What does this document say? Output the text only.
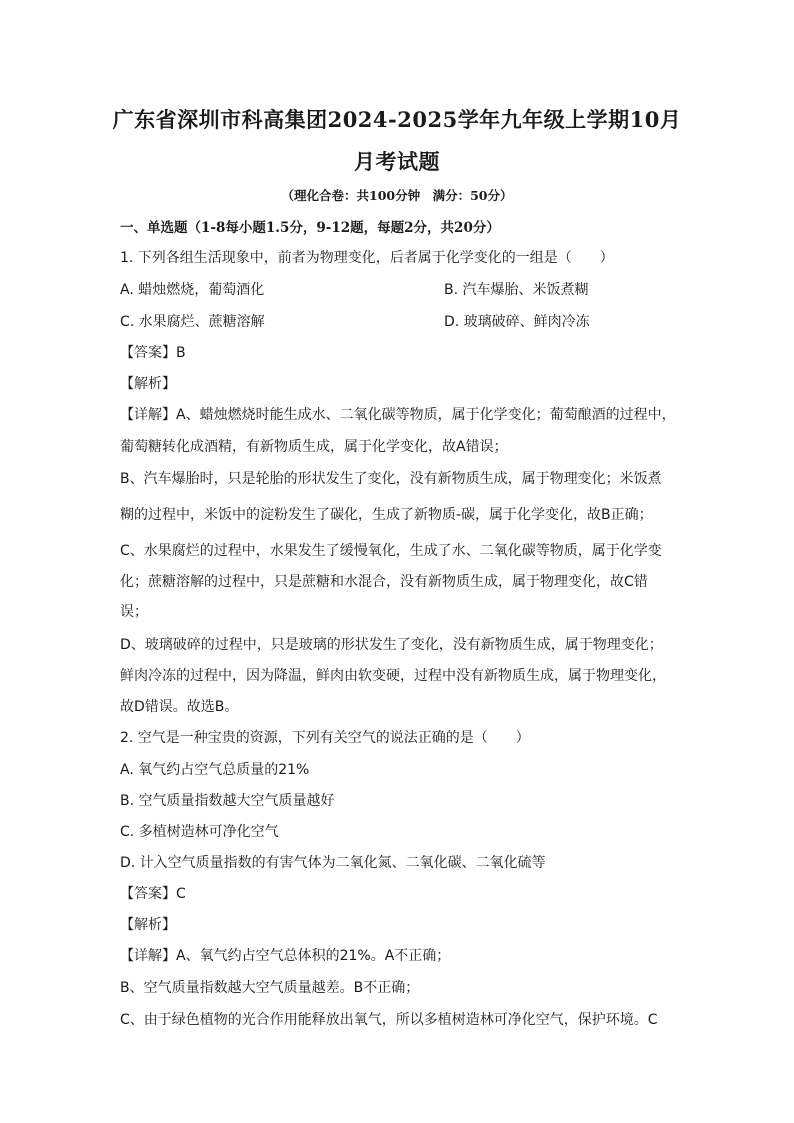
广东省深圳市科高集团2024-2025学年九年级上学期10月
月考试题
（理化合卷：共100分钟　满分：50分）
一、单选题（1-8每小题1.5分，9-12题，每题2分，共20分）
1. 下列各组生活现象中，前者为物理变化，后者属于化学变化的一组是（　　）
A. 蜡烛燃烧，葡萄酒化	B. 汽车爆胎、米饭煮糊
C. 水果腐烂、蔗糖溶解	D. 玻璃破碎、鲜肉冷冻
【答案】B
【解析】
【详解】A、蜡烛燃烧时能生成水、二氧化碳等物质，属于化学变化；葡萄酿酒的过程中，
葡萄糖转化成酒精，有新物质生成，属于化学变化，故A错误；
B、汽车爆胎时，只是轮胎的形状发生了变化，没有新物质生成，属于物理变化；米饭煮
糊的过程中，米饭中的淀粉发生了碳化，生成了新物质-碳，属于化学变化，故B正确；
C、水果腐烂的过程中，水果发生了缓慢氧化，生成了水、二氧化碳等物质，属于化学变
化；蔗糖溶解的过程中，只是蔗糖和水混合，没有新物质生成，属于物理变化，故C错
误；
D、玻璃破碎的过程中，只是玻璃的形状发生了变化，没有新物质生成，属于物理变化；
鲜肉冷冻的过程中，因为降温，鲜肉由软变硬，过程中没有新物质生成，属于物理变化，
故D错误。故选B。
2. 空气是一种宝贵的资源，下列有关空气的说法正确的是（　　）
A. 氧气约占空气总质量的21%
B. 空气质量指数越大空气质量越好
C. 多植树造林可净化空气
D. 计入空气质量指数的有害气体为二氧化氮、二氧化碳、二氧化硫等
【答案】C
【解析】
【详解】A、氧气约占空气总体积的21%。A不正确；
B、空气质量指数越大空气质量越差。B不正确；
C、由于绿色植物的光合作用能释放出氧气，所以多植树造林可净化空气，保护环境。C
